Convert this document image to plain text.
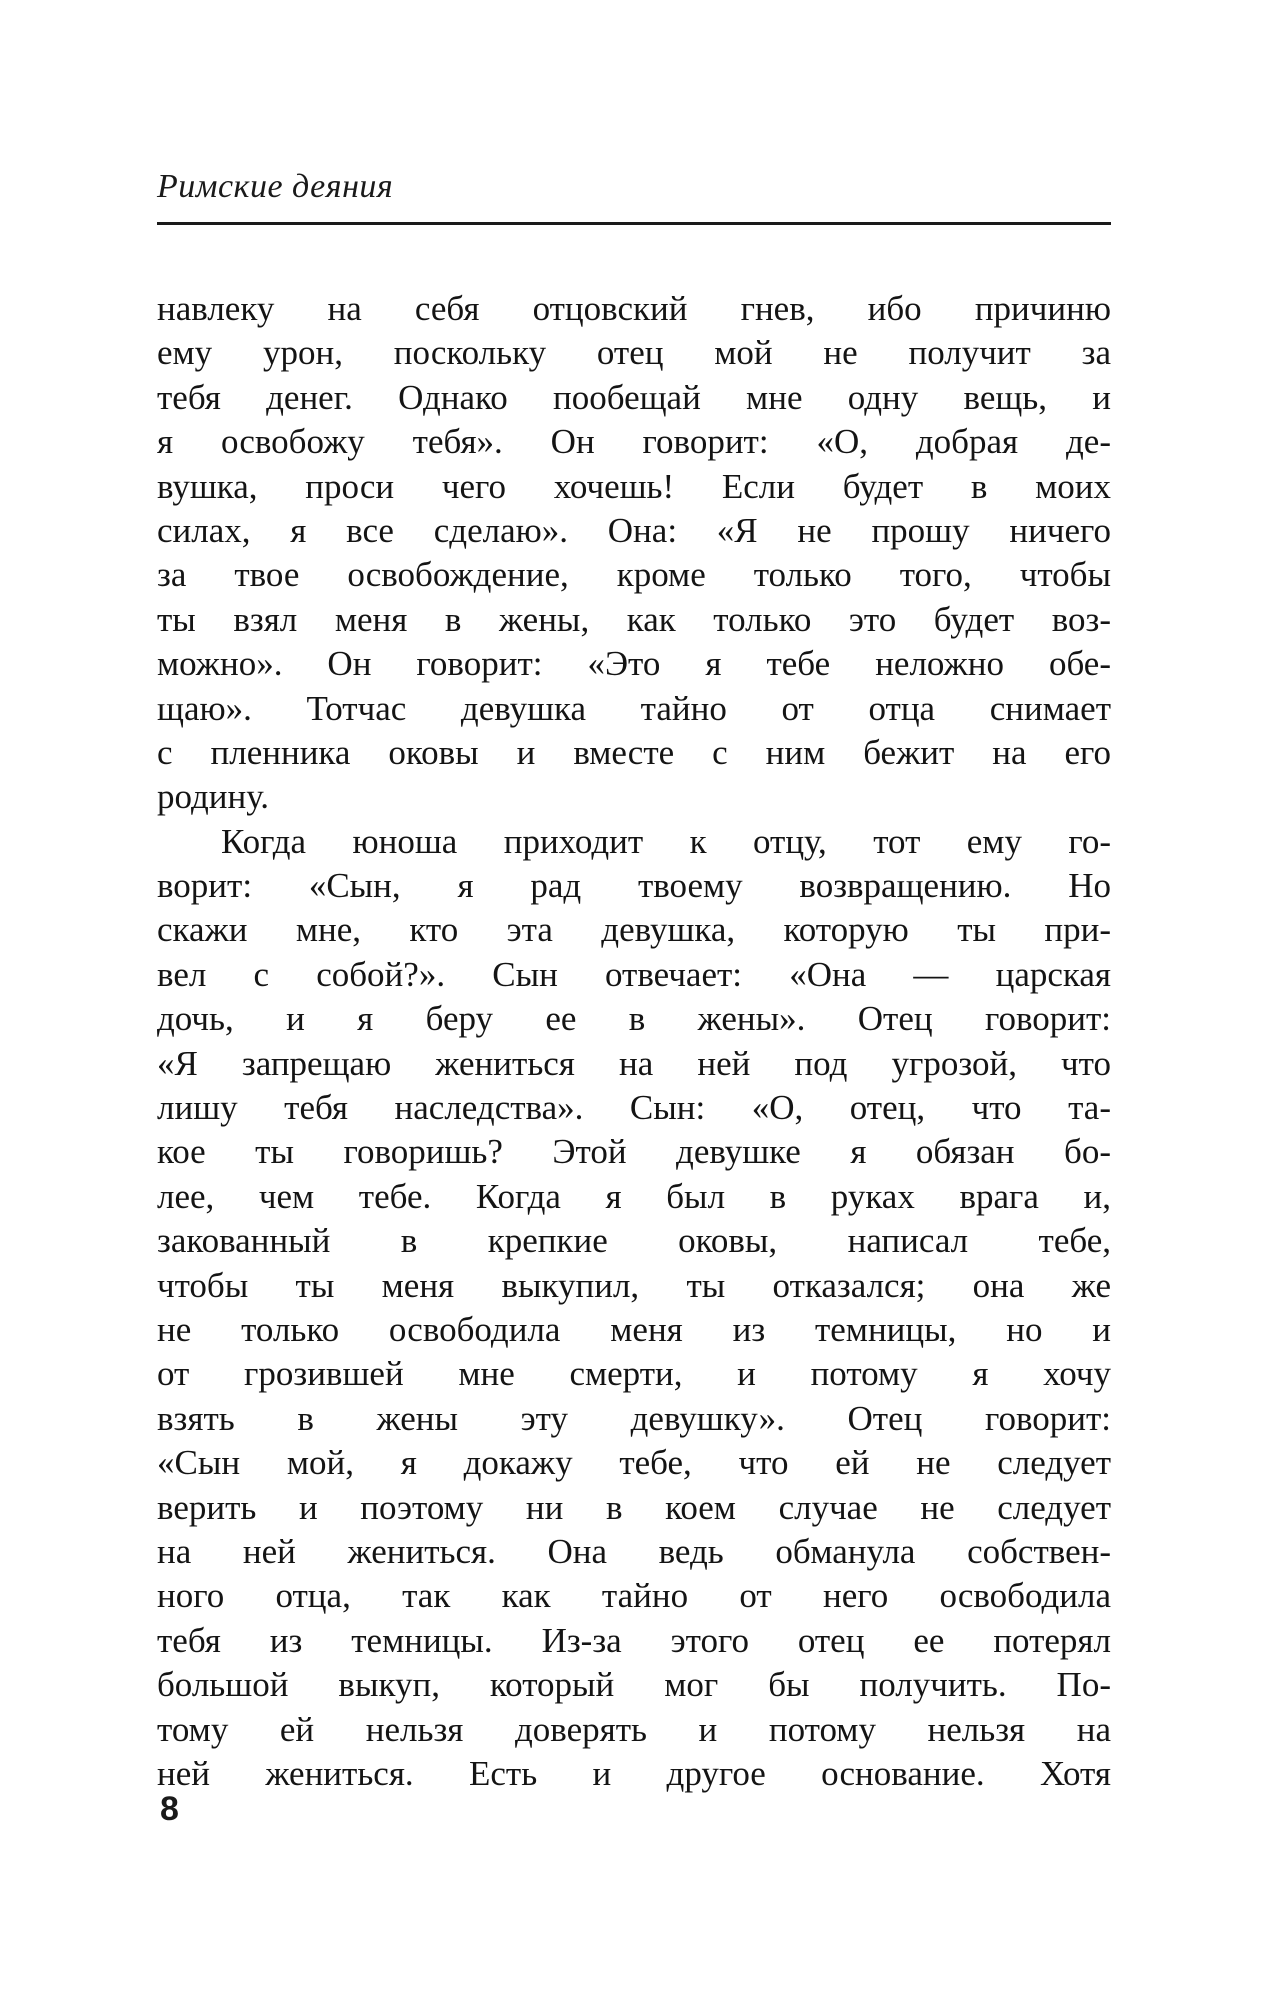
Римские деяния
навлеку на себя отцовский гнев, ибо причиню
ему урон, поскольку отец мой не получит за
тебя денег. Однако пообещай мне одну вещь, и
я освобожу тебя». Он говорит: «О, добрая де-
вушка, проси чего хочешь! Если будет в моих
силах, я все сделаю». Она: «Я не прошу ничего
за твое освобождение, кроме только того, чтобы
ты взял меня в жены, как только это будет воз-
можно». Он говорит: «Это я тебе неложно обе-
щаю». Тотчас девушка тайно от отца снимает
с пленника оковы и вместе с ним бежит на его
родину.
Когда юноша приходит к отцу, тот ему го-
ворит: «Сын, я рад твоему возвращению. Но
скажи мне, кто эта девушка, которую ты при-
вел с собой?». Сын отвечает: «Она — царская
дочь, и я беру ее в жены». Отец говорит:
«Я запрещаю жениться на ней под угрозой, что
лишу тебя наследства». Сын: «О, отец, что та-
кое ты говоришь? Этой девушке я обязан бо-
лее, чем тебе. Когда я был в руках врага и,
закованный в крепкие оковы, написал тебе,
чтобы ты меня выкупил, ты отказался; она же
не только освободила меня из темницы, но и
от грозившей мне смерти, и потому я хочу
взять в жены эту девушку». Отец говорит:
«Сын мой, я докажу тебе, что ей не следует
верить и поэтому ни в коем случае не следует
на ней жениться. Она ведь обманула собствен-
ного отца, так как тайно от него освободила
тебя из темницы. Из-за этого отец ее потерял
большой выкуп, который мог бы получить. По-
тому ей нельзя доверять и потому нельзя на
ней жениться. Есть и другое основание. Хотя
8
